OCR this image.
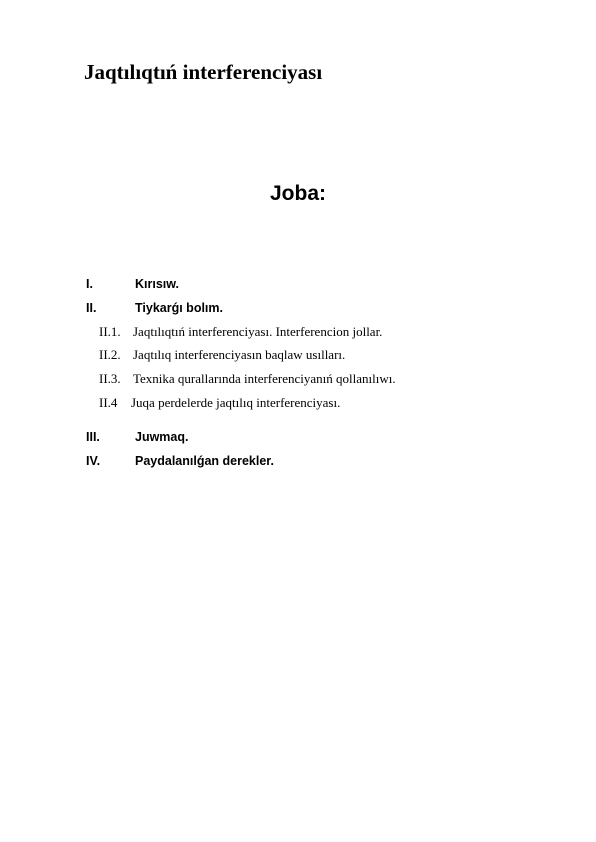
Jaqtılıqtıń interferenciyası
Joba:
I.	Kırısıw.
II.	Tiykarǵı bolım.
II.1. Jaqtılıqtıń interferenciyası. Interferencion jollar.
II.2. Jaqtılıq interferenciyasın baqlaw usılları.
II.3. Texnika qurallarında interferenciyanıń qollanılıwı.
II.4 Juqa perdelerde jaqtılıq interferenciyası.
III.	Juwmaq.
IV.	Paydalanılǵan derekler.
